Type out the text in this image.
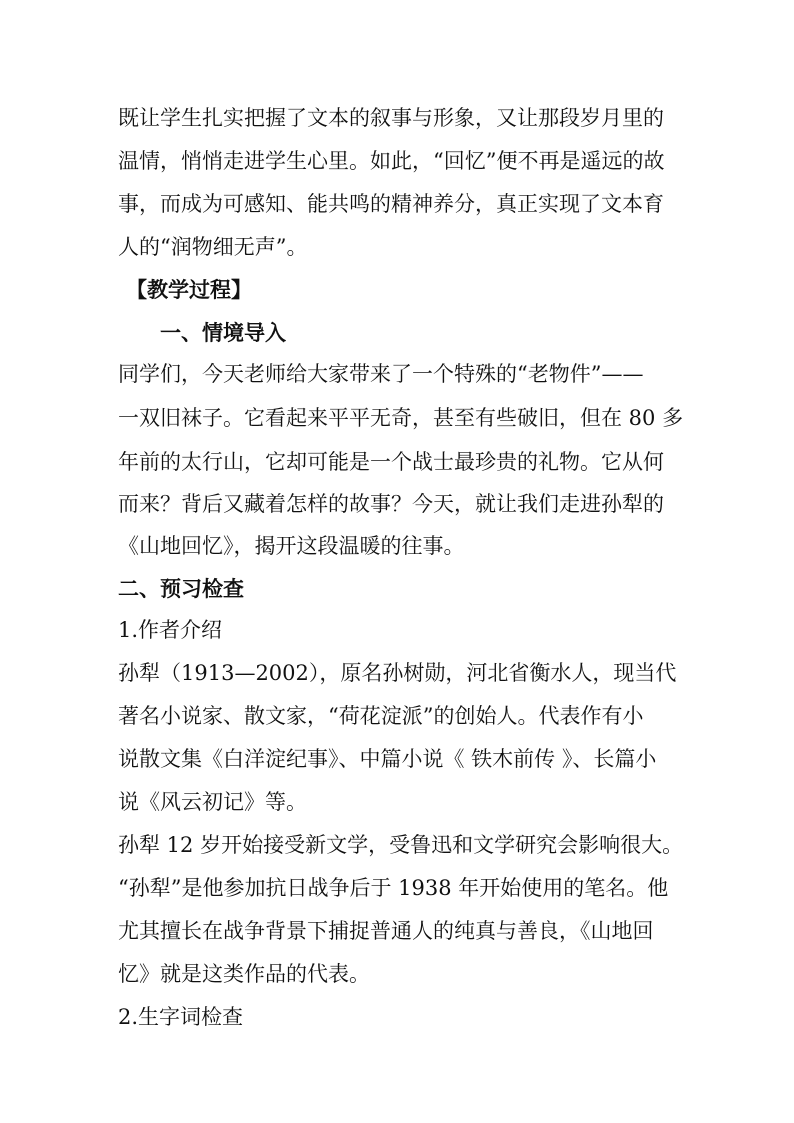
既让学生扎实把握了文本的叙事与形象，又让那段岁月里的
温情，悄悄走进学生心里。如此，“回忆”便不再是遥远的故
事，而成为可感知、能共鸣的精神养分，真正实现了文本育
人的“润物细无声”。
【教学过程】
一、情境导入
同学们，今天老师给大家带来了一个特殊的“老物件”——
一双旧袜子。它看起来平平无奇，甚至有些破旧，但在 80 多
年前的太行山，它却可能是一个战士最珍贵的礼物。它从何
而来？背后又藏着怎样的故事？今天，就让我们走进孙犁的
《山地回忆》，揭开这段温暖的往事。
二、预习检查
1.作者介绍
孙犁（1913—2002），原名孙树勋，河北省衡水人，现当代
著名小说家、散文家，“荷花淀派”的创始人。代表作有小
说散文集《白洋淀纪事》、中篇小说《 铁木前传 》、长篇小
说《风云初记》等。
孙犁 12 岁开始接受新文学，受鲁迅和文学研究会影响很大。
“孙犁”是他参加抗日战争后于 1938 年开始使用的笔名。他
尤其擅长在战争背景下捕捉普通人的纯真与善良，《山地回
忆》就是这类作品的代表。
2.生字词检查
